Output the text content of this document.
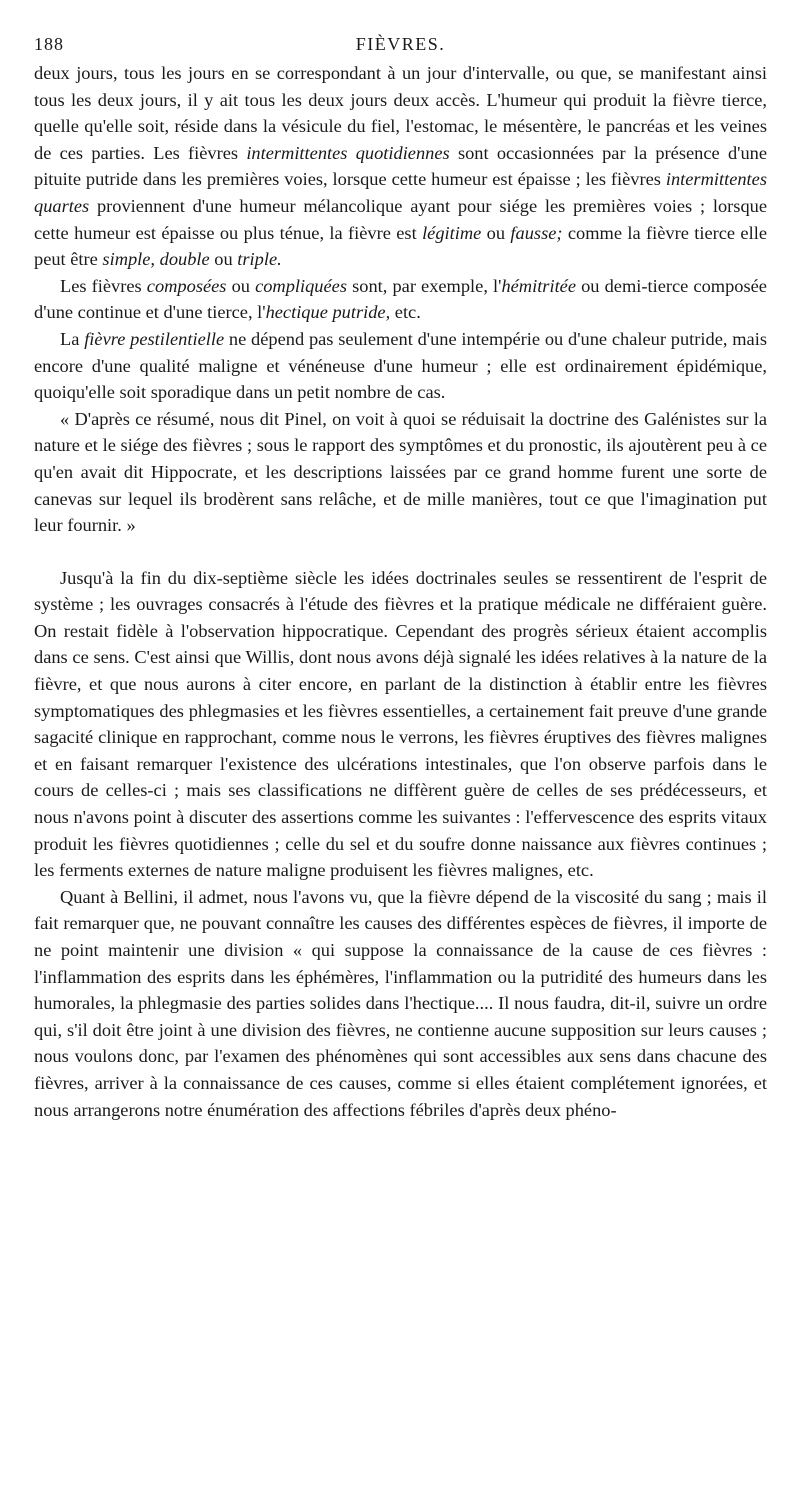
188	FIÈVRES.

deux jours, tous les jours en se correspondant à un jour d'intervalle, ou que, se manifestant ainsi tous les deux jours, il y ait tous les deux jours deux accès. L'humeur qui produit la fièvre tierce, quelle qu'elle soit, réside dans la vésicule du fiel, l'estomac, le mésentère, le pancréas et les veines de ces parties. Les fièvres intermittentes quotidiennes sont occasionnées par la présence d'une pituite putride dans les premières voies, lorsque cette humeur est épaisse ; les fièvres intermittentes quartes proviennent d'une humeur mélancolique ayant pour siége les premières voies ; lorsque cette humeur est épaisse ou plus ténue, la fièvre est légitime ou fausse; comme la fièvre tierce elle peut être simple, double ou triple.

Les fièvres composées ou compliquées sont, par exemple, l'hémitritée ou demi-tierce composée d'une continue et d'une tierce, l'hectique putride, etc.

La fièvre pestilentielle ne dépend pas seulement d'une intempérie ou d'une chaleur putride, mais encore d'une qualité maligne et vénéneuse d'une humeur ; elle est ordinairement épidémique, quoiqu'elle soit sporadique dans un petit nombre de cas.

« D'après ce résumé, nous dit Pinel, on voit à quoi se réduisait la doctrine des Galénistes sur la nature et le siége des fièvres ; sous le rapport des symptômes et du pronostic, ils ajoutèrent peu à ce qu'en avait dit Hippocrate, et les descriptions laissées par ce grand homme furent une sorte de canevas sur lequel ils brodèrent sans relâche, et de mille manières, tout ce que l'imagination put leur fournir. »

Jusqu'à la fin du dix-septième siècle les idées doctrinales seules se ressentirent de l'esprit de système ; les ouvrages consacrés à l'étude des fièvres et la pratique médicale ne différaient guère. On restait fidèle à l'observation hippocratique. Cependant des progrès sérieux étaient accomplis dans ce sens. C'est ainsi que Willis, dont nous avons déjà signalé les idées relatives à la nature de la fièvre, et que nous aurons à citer encore, en parlant de la distinction à établir entre les fièvres symptomatiques des phlegmasies et les fièvres essentielles, a certainement fait preuve d'une grande sagacité clinique en rapprochant, comme nous le verrons, les fièvres éruptives des fièvres malignes et en faisant remarquer l'existence des ulcérations intestinales, que l'on observe parfois dans le cours de celles-ci ; mais ses classifications ne diffèrent guère de celles de ses prédécesseurs, et nous n'avons point à discuter des assertions comme les suivantes : l'effervescence des esprits vitaux produit les fièvres quotidiennes ; celle du sel et du soufre donne naissance aux fièvres continues ; les ferments externes de nature maligne produisent les fièvres malignes, etc.

Quant à Bellini, il admet, nous l'avons vu, que la fièvre dépend de la viscosité du sang ; mais il fait remarquer que, ne pouvant connaître les causes des différentes espèces de fièvres, il importe de ne point maintenir une division « qui suppose la connaissance de la cause de ces fièvres : l'inflammation des esprits dans les éphémères, l'inflammation ou la putridité des humeurs dans les humorales, la phlegmasie des parties solides dans l'hectique.... Il nous faudra, dit-il, suivre un ordre qui, s'il doit être joint à une division des fièvres, ne contienne aucune supposition sur leurs causes ; nous voulons donc, par l'examen des phénomènes qui sont accessibles aux sens dans chacune des fièvres, arriver à la connaissance de ces causes, comme si elles étaient complétement ignorées, et nous arrangerons notre énumération des affections fébriles d'après deux phéno-
